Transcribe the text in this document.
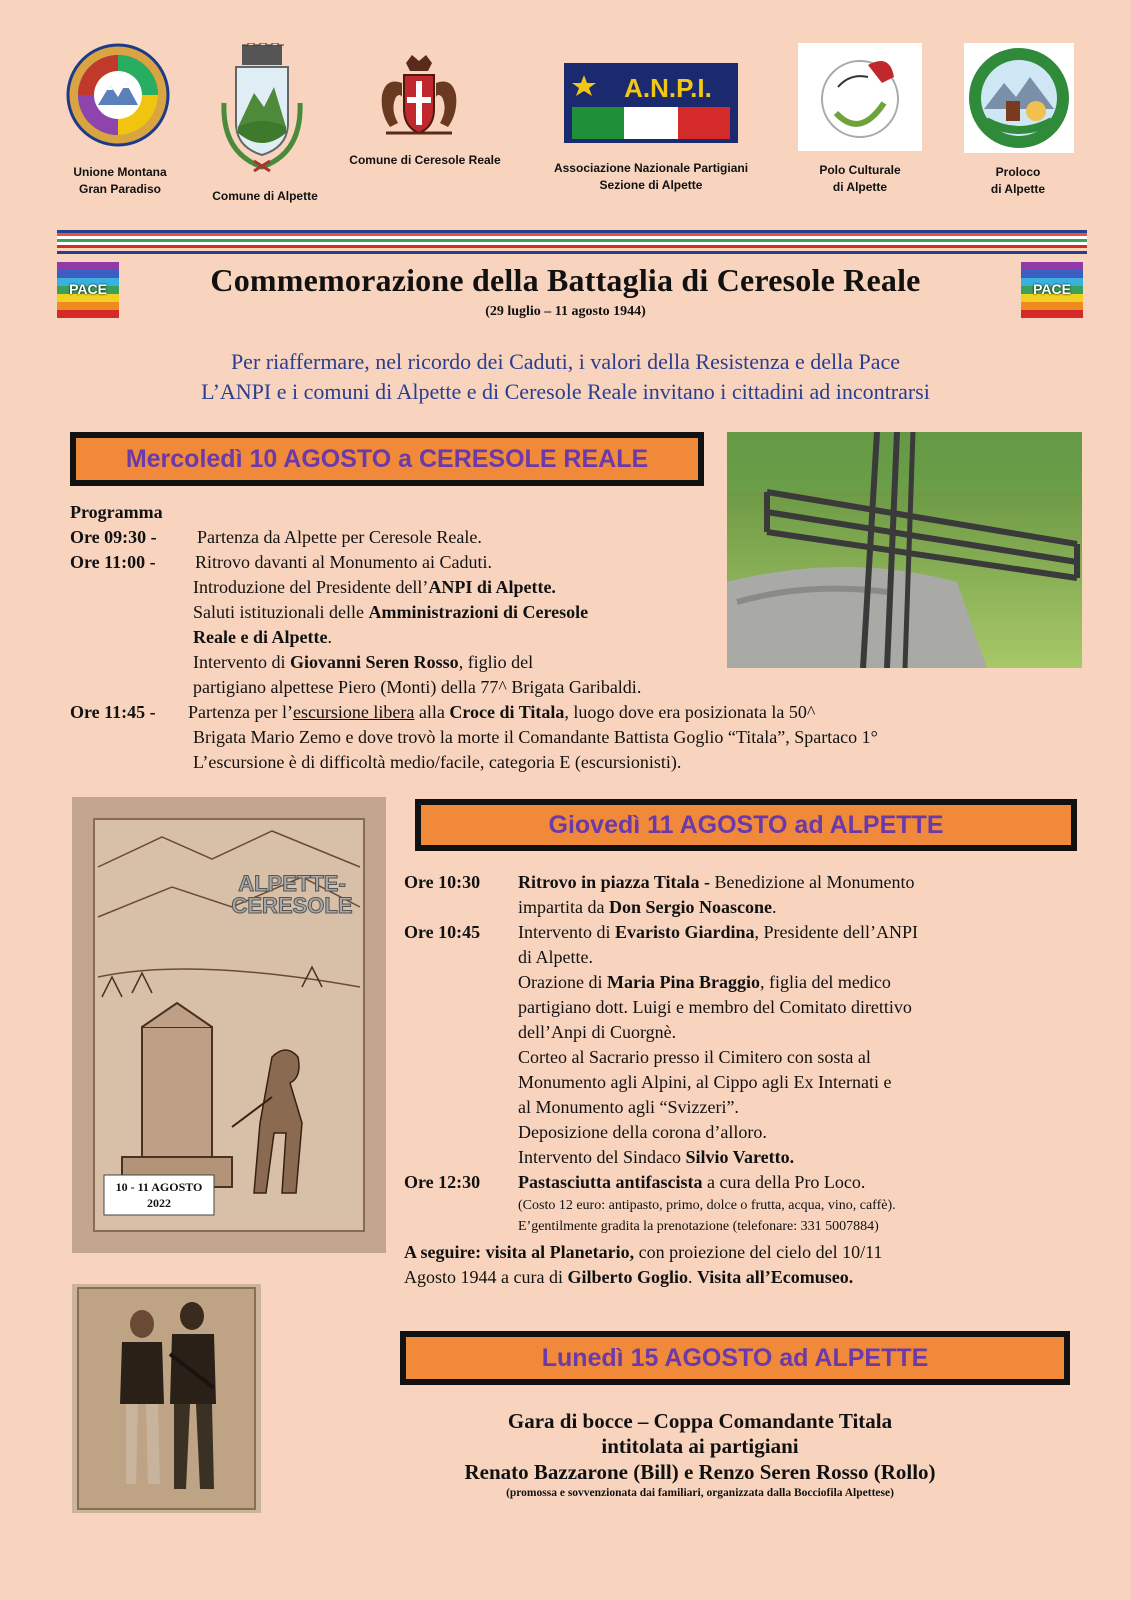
A.N.P.I.
Unione Montana
Gran Paradiso	Comune di Alpette
Comune di Ceresole Reale
Associazione Nazionale Partigiani
Sezione di Alpette
Polo Culturale
di Alpette
Proloco
di Alpette
PACE	PACE
Commemorazione della Battaglia di Ceresole Reale
(29 luglio – 11 agosto 1944)
Per riaffermare, nel ricordo dei Caduti, i valori della Resistenza e della Pace
L’ANPI e i comuni di Alpette e di Ceresole Reale invitano i cittadini ad incontrarsi
Mercoledì 10 AGOSTO a CERESOLE REALE
Programma
Ore 09:30 - Partenza da Alpette per Ceresole Reale.
Ore 11:00 - Ritrovo davanti al Monumento ai Caduti.
Introduzione del Presidente dell’ANPI di Alpette.
Saluti istituzionali delle Amministrazioni di Ceresole
Reale e di Alpette.
Intervento di Giovanni Seren Rosso, figlio del
partigiano alpettese Piero (Monti) della 77^ Brigata Garibaldi.
Ore 11:45 - Partenza per l’escursione libera alla Croce di Titala, luogo dove era posizionata la 50^
Brigata Mario Zemo e dove trovò la morte il Comandante Battista Goglio “Titala”, Spartaco 1°
L’escursione è di difficoltà medio/facile, categoria E (escursionisti).
ALPETTE-
CERESOLE
10 - 11 AGOSTO
2022
Giovedì 11 AGOSTO ad ALPETTE
Ore 10:30 Ritrovo in piazza Titala - Benedizione al Monumento
impartita da Don Sergio Noascone.
Ore 10:45 Intervento di Evaristo Giardina, Presidente dell’ANPI
di Alpette.
Orazione di Maria Pina Braggio, figlia del medico
partigiano dott. Luigi e membro del Comitato direttivo
dell’Anpi di Cuorgnè.
Corteo al Sacrario presso il Cimitero con sosta al
Monumento agli Alpini, al Cippo agli Ex Internati e
al Monumento agli “Svizzeri”.
Deposizione della corona d’alloro.
Intervento del Sindaco Silvio Varetto.
Ore 12:30 Pastasciutta antifascista a cura della Pro Loco.
(Costo 12 euro: antipasto, primo, dolce o frutta, acqua, vino, caffè).
E’gentilmente gradita la prenotazione (telefonare: 331 5007884)
A seguire: visita al Planetario, con proiezione del cielo del 10/11
Agosto 1944 a cura di Gilberto Goglio. Visita all’Ecomuseo.
Lunedì 15 AGOSTO ad ALPETTE
Gara di bocce – Coppa Comandante Titala
intitolata ai partigiani
Renato Bazzarone (Bill) e Renzo Seren Rosso (Rollo)
(promossa e sovvenzionata dai familiari, organizzata dalla Bocciofila Alpettese)
